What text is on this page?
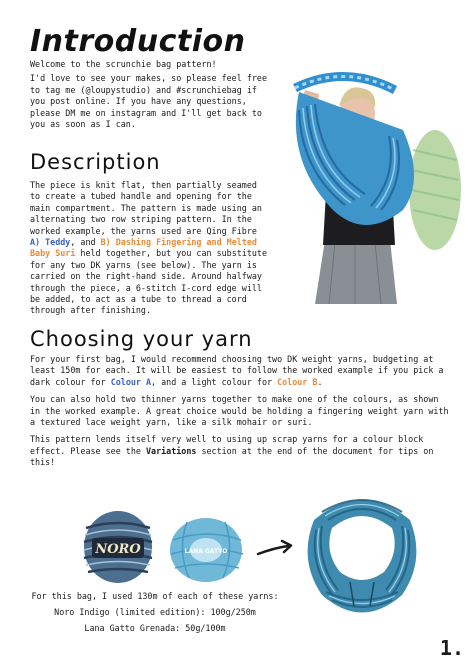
Introduction

Welcome to the scrunchie bag pattern!

I'd love to see your makes, so please feel free to tag me (@loupystudio) and #scrunchiebag if you post online. If you have any questions, please DM me on instagram and I'll get back to you as soon as I can.

Description

The piece is knit flat, then partially seamed to create a tubed handle and opening for the main compartment. The pattern is made using an alternating two row striping pattern. In the worked example, the yarns used are Qing Fibre A) Teddy, and B) Dashing Fingering and Melted Baby Suri held together, but you can substitute for any two DK yarns (see below). The yarn is carried on the right-hand side. Around halfway through the piece, a 6-stitch I-cord edge will be added, to act as a tube to thread a cord through after finishing.

Choosing your yarn

For your first bag, I would recommend choosing two DK weight yarns, budgeting at least 150m for each. It will be easiest to follow the worked example if you pick a dark colour for Colour A, and a light colour for Colour B.

You can also hold two thinner yarns together to make one of the colours, as shown in the worked example. A great choice would be holding a fingering weight yarn with a textured lace weight yarn, like a silk mohair or suri.

This pattern lends itself very well to using up scrap yarns for a colour block effect. Please see the Variations section at the end of the document for tips on this!

NORO	LANA GATTO
For this bag, I used 130m of each of these yarns:
Noro Indigo (limited edition): 100g/250m
Lana Gatto Grenada: 50g/100m
1.
